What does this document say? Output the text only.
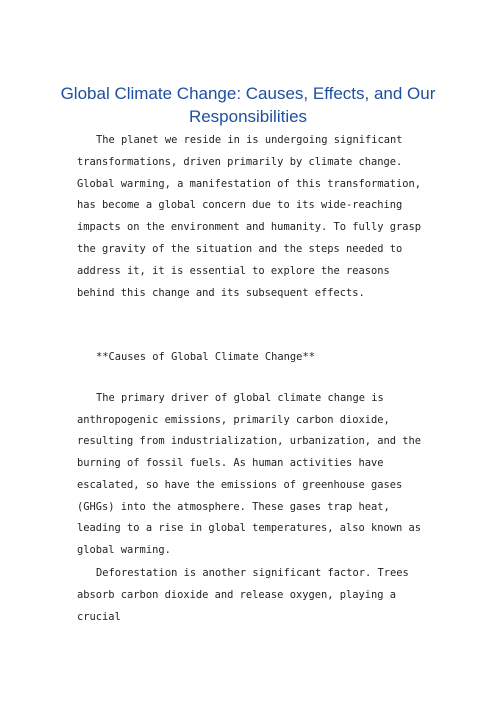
Global Climate Change: Causes, Effects, and Our Responsibilities

The planet we reside in is undergoing significant transformations, driven primarily by climate change. Global warming, a manifestation of this transformation, has become a global concern due to its wide-reaching impacts on the environment and humanity. To fully grasp the gravity of the situation and the steps needed to address it, it is essential to explore the reasons behind this change and its subsequent effects.

**Causes of Global Climate Change**

The primary driver of global climate change is anthropogenic emissions, primarily carbon dioxide, resulting from industrialization, urbanization, and the burning of fossil fuels. As human activities have escalated, so have the emissions of greenhouse gases (GHGs) into the atmosphere. These gases trap heat, leading to a rise in global temperatures, also known as global warming.

Deforestation is another significant factor. Trees absorb carbon dioxide and release oxygen, playing a crucial
